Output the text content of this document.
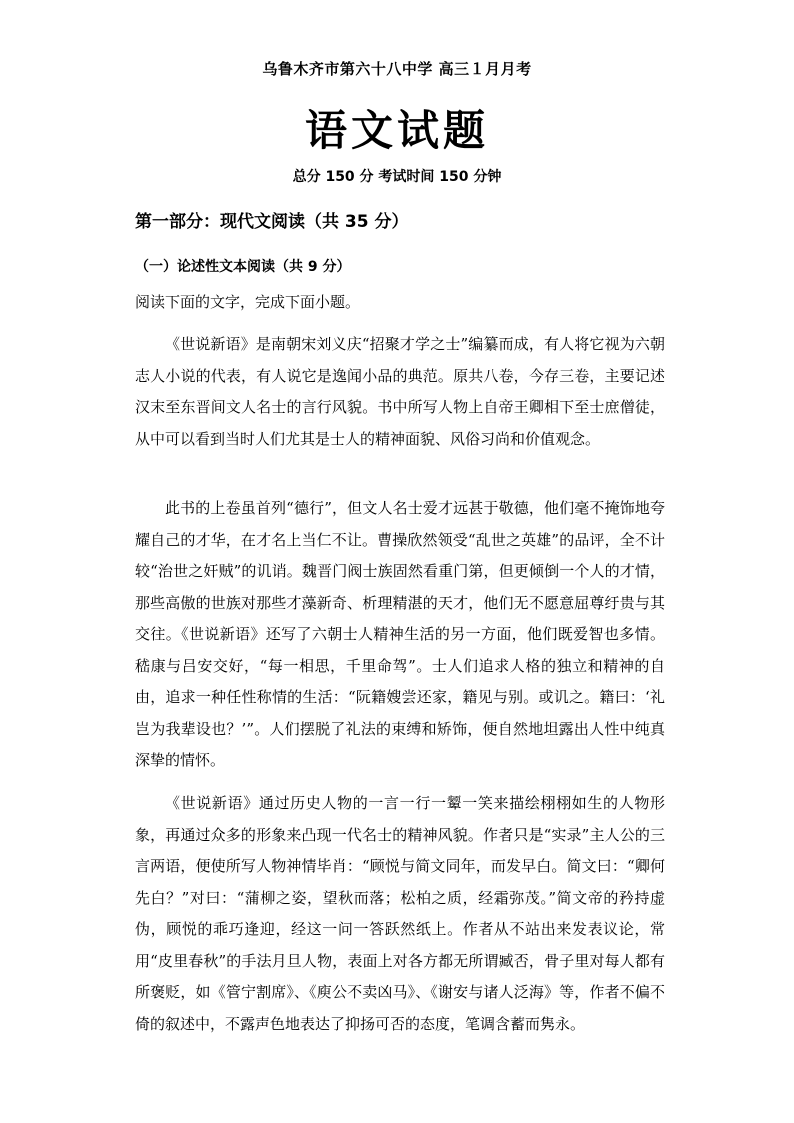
乌鲁木齐市第六十八中学 高三１月月考
语文试题
总分 150 分 考试时间 150 分钟
第一部分：现代文阅读（共 35 分）
（一）论述性文本阅读（共 9 分）
阅读下面的文字，完成下面小题。

《世说新语》是南朝宋刘义庆“招聚才学之士”编纂而成，有人将它视为六朝志人小说的代表，有人说它是逸闻小品的典范。原共八卷，今存三卷，主要记述汉末至东晋间文人名士的言行风貌。书中所写人物上自帝王卿相下至士庶僧徒，从中可以看到当时人们尤其是士人的精神面貌、风俗习尚和价值观念。

此书的上卷虽首列“德行”，但文人名士爱才远甚于敬德，他们毫不掩饰地夸耀自己的才华，在才名上当仁不让。曹操欣然领受“乱世之英雄”的品评，全不计较“治世之奸贼”的讥诮。魏晋门阀士族固然看重门第，但更倾倒一个人的才情，那些高傲的世族对那些才藻新奇、析理精湛的天才，他们无不愿意屈尊纡贵与其交往。《世说新语》还写了六朝士人精神生活的另一方面，他们既爱智也多情。嵇康与吕安交好，“每一相思，千里命驾”。士人们追求人格的独立和精神的自由，追求一种任性称情的生活：“阮籍嫂尝还家，籍见与别。或讥之。籍曰：‘礼岂为我辈设也？’”。人们摆脱了礼法的束缚和矫饰，便自然地坦露出人性中纯真深挚的情怀。

《世说新语》通过历史人物的一言一行一颦一笑来描绘栩栩如生的人物形象，再通过众多的形象来凸现一代名士的精神风貌。作者只是“实录”主人公的三言两语，便使所写人物神情毕肖：“顾悦与简文同年，而发早白。简文曰：“卿何先白？”对曰：“蒲柳之姿，望秋而落；松柏之质，经霜弥茂。”简文帝的矜持虚伪，顾悦的乖巧逢迎，经这一问一答跃然纸上。作者从不站出来发表议论，常用“皮里春秋”的手法月旦人物，表面上对各方都无所谓臧否，骨子里对每人都有所褒贬，如《管宁割席》、《庾公不卖凶马》、《谢安与诸人泛海》等，作者不偏不倚的叙述中，不露声色地表达了抑扬可否的态度，笔调含蓄而隽永。
